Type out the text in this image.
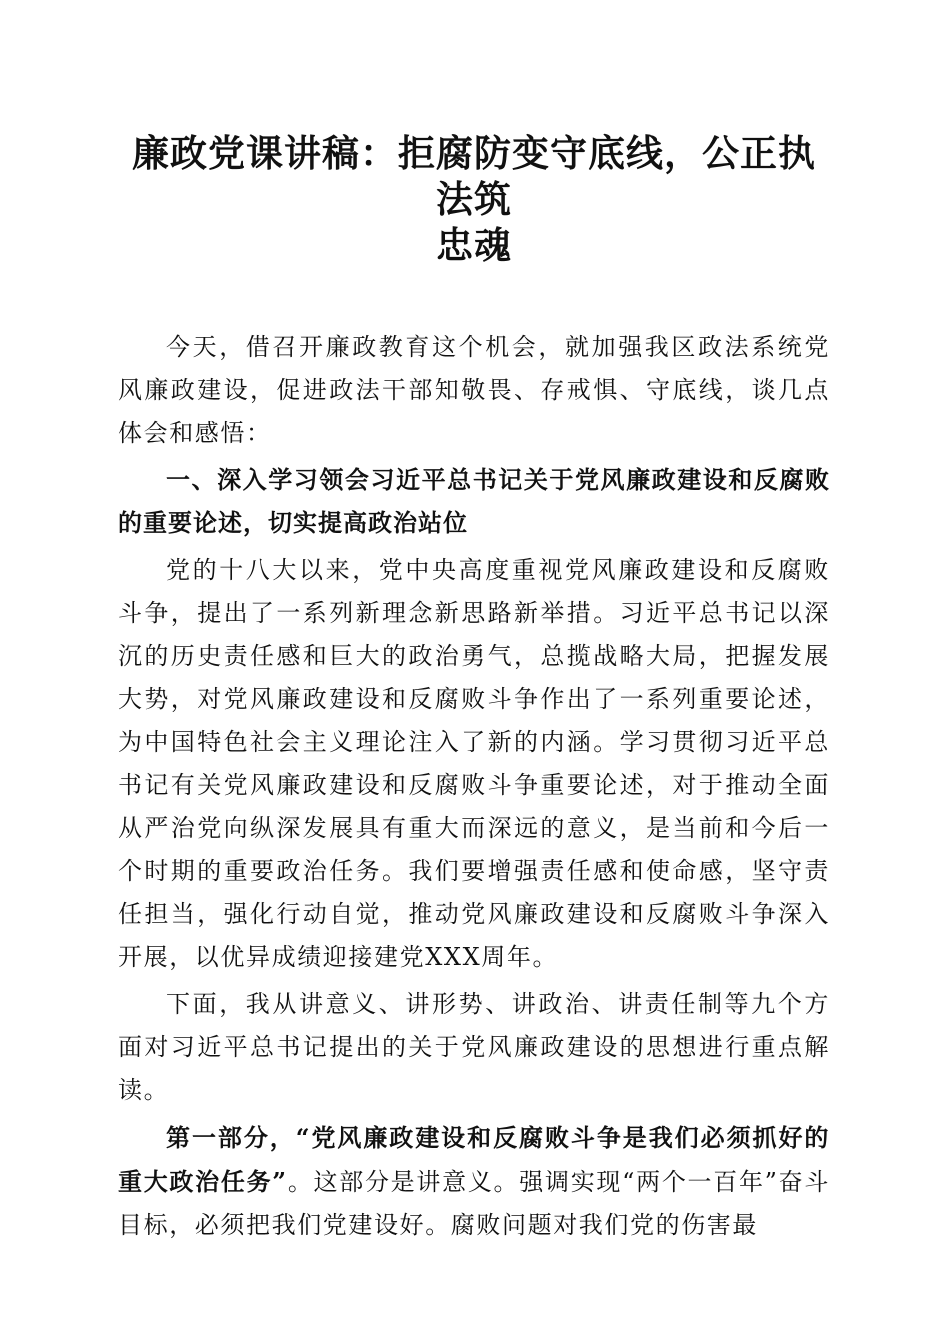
廉政党课讲稿：拒腐防变守底线，公正执法筑
忠魂

今天，借召开廉政教育这个机会，就加强我区政法系统党风廉政建设，促进政法干部知敬畏、存戒惧、守底线，谈几点体会和感悟：

一、深入学习领会习近平总书记关于党风廉政建设和反腐败的重要论述，切实提高政治站位

党的十八大以来，党中央高度重视党风廉政建设和反腐败斗争，提出了一系列新理念新思路新举措。习近平总书记以深沉的历史责任感和巨大的政治勇气，总揽战略大局，把握发展大势，对党风廉政建设和反腐败斗争作出了一系列重要论述，为中国特色社会主义理论注入了新的内涵。学习贯彻习近平总书记有关党风廉政建设和反腐败斗争重要论述，对于推动全面从严治党向纵深发展具有重大而深远的意义，是当前和今后一个时期的重要政治任务。我们要增强责任感和使命感，坚守责任担当，强化行动自觉，推动党风廉政建设和反腐败斗争深入开展，以优异成绩迎接建党XXX周年。

下面，我从讲意义、讲形势、讲政治、讲责任制等九个方面对习近平总书记提出的关于党风廉政建设的思想进行重点解读。

第一部分，“党风廉政建设和反腐败斗争是我们必须抓好的重大政治任务”。这部分是讲意义。强调实现“两个一百年”奋斗目标，必须把我们党建设好。腐败问题对我们党的伤害最
